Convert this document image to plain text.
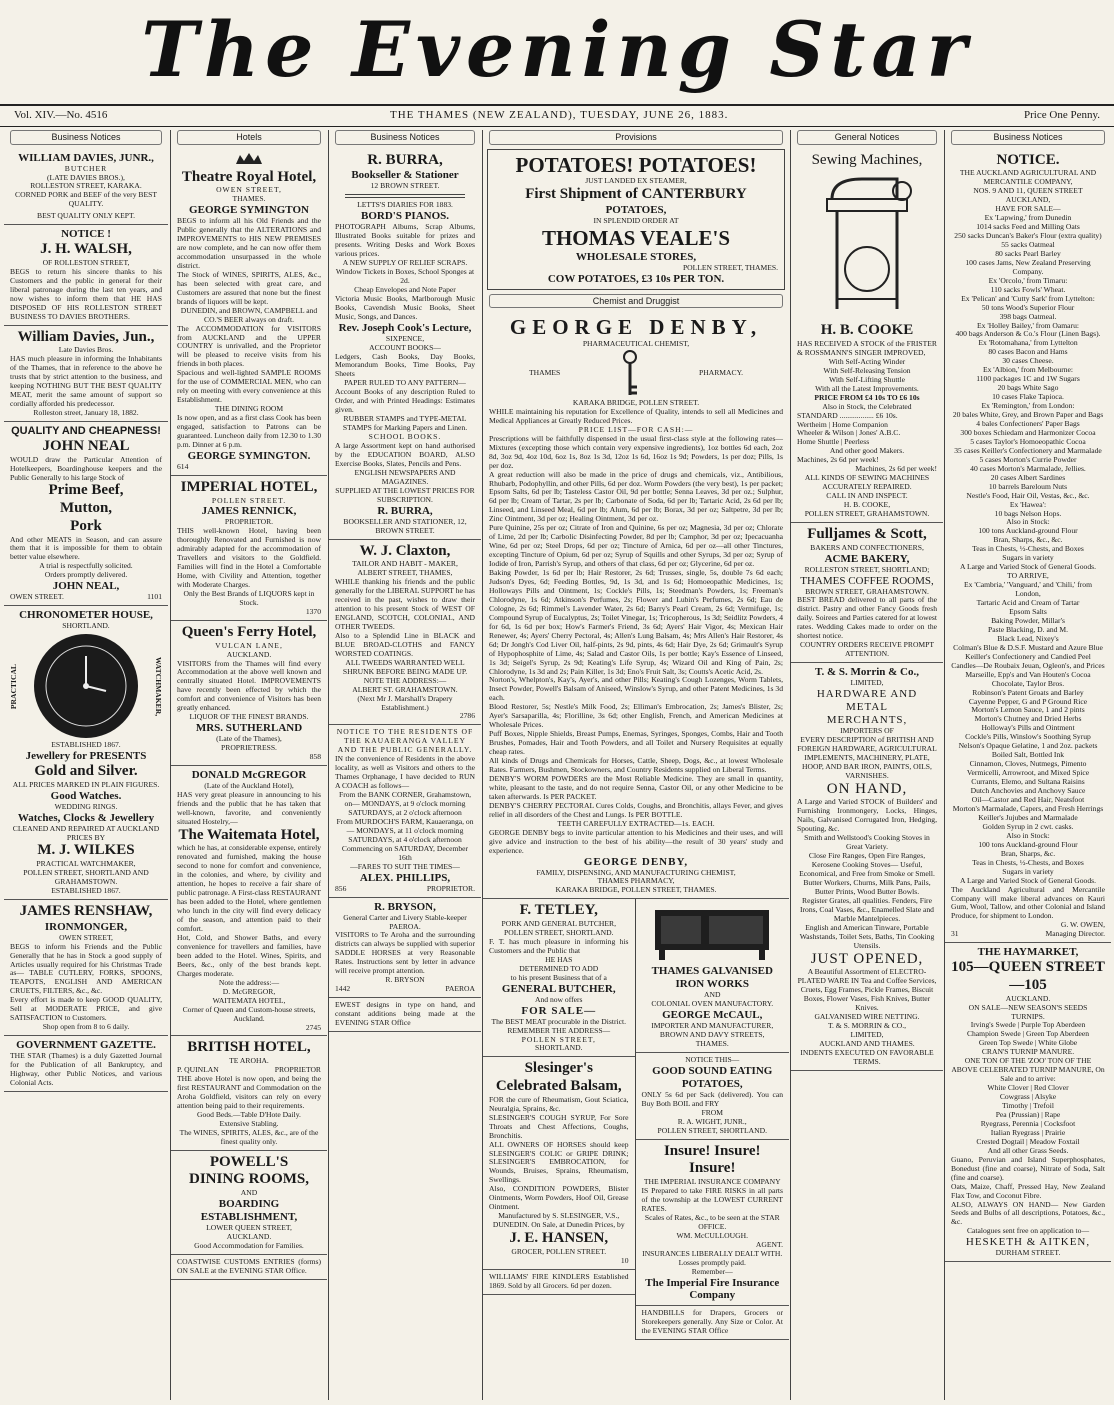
The Evening Star
Vol. XIV.—No. 4516	THE THAMES (NEW ZEALAND), TUESDAY, JUNE 26, 1883.	Price One Penny.
Business Notices
WILLIAM DAVIES, JUNR.,
BUTCHER
(LATE DAVIES BROS.),
ROLLESTON STREET, KARAKA.
CORNED PORK and BEEF of the very BEST QUALITY.
BEST QUALITY ONLY KEPT.
NOTICE !
J. H. WALSH,
OF ROLLESTON STREET,
BEGS to return his sincere thanks to his Customers and the public in general for their liberal patronage during the last ten years, and now wishes to inform them that HE HAS DISPOSED OF HIS ROLLESTON STREET BUSINESS TO DAVIES BROTHERS.
William Davies, Jun.,
Late Davies Bros.
HAS much pleasure in informing the Inhabitants of the Thames, that in reference to the above he trusts that by strict attention to the business, and keeping NOTHING BUT THE BEST QUALITY MEAT, merit the same amount of support so cordially afforded his predecessor.
Rolleston street, January 18, 1882.
QUALITY AND CHEAPNESS!
JOHN NEAL
WOULD draw the Particular Attention of Hotelkeepers, Boardinghouse keepers and the Public Generally to his large Stock of
Prime Beef,
Mutton,
Pork
And other MEATS in Season, and can assure them that it is impossible for them to obtain better value elsewhere.
A trial is respectfully solicited.
Orders promptly delivered.
JOHN NEAL,
OWEN STREET.	1101
CHRONOMETER HOUSE,
SHORTLAND.
PRACTICAL	WATCHMAKER,
ESTABLISHED 1867.
Jewellery for PRESENTS
Gold and Silver.
ALL PRICES MARKED IN PLAIN FIGURES.
Good Watches.
WEDDING RINGS.
Watches, Clocks & Jewellery
CLEANED AND REPAIRED AT AUCKLAND PRICES BY
M. J. WILKES
PRACTICAL WATCHMAKER,
POLLEN STREET, SHORTLAND AND GRAHAMSTOWN.
ESTABLISHED 1867.
JAMES RENSHAW,
IRONMONGER,
OWEN STREET,
BEGS to inform his Friends and the Public Generally that he has in Stock a good supply of Articles usually required for his Christmas Trade as— TABLE CUTLERY, FORKS, SPOONS, TEAPOTS, ENGLISH AND AMERICAN CRUETS, FILTERS, &c., &c.
Every effort is made to keep GOOD QUALITY, Sell at MODERATE PRICE, and give SATISFACTION to Customers.
Shop open from 8 to 6 daily.
GOVERNMENT GAZETTE.
THE STAR (Thames) is a duly Gazetted Journal for the Publication of all Bankruptcy, and Highway, other Public Notices, and various Colonial Acts.
Hotels
Theatre Royal Hotel,
OWEN STREET,
THAMES.
GEORGE SYMINGTON
BEGS to inform all his Old Friends and the Public generally that the ALTERATIONS and IMPROVEMENTS to HIS NEW PREMISES are now complete, and he can now offer them accommodation unsurpassed in the whole district.
The Stock of WINES, SPIRITS, ALES, &c., has been selected with great care, and Customers are assured that none but the finest brands of liquors will be kept.
DUNEDIN, and BROWN, CAMPBELL and CO.'S BEER always on draft.
The ACCOMMODATION for VISITORS from AUCKLAND and the UPPER COUNTRY is unrivalled, and the Proprietor will be pleased to receive visits from his friends in both places.
Spacious and well-lighted SAMPLE ROOMS for the use of COMMERCIAL MEN, who can rely on meeting with every convenience at this Establishment.
THE DINING ROOM
Is now open, and as a first class Cook has been engaged, satisfaction to Patrons can be guaranteed. Luncheon daily from 12.30 to 1.30 p.m. Dinner at 6 p.m.
GEORGE SYMINGTON.
614
IMPERIAL HOTEL,
POLLEN STREET.
JAMES RENNICK,
PROPRIETOR.
THIS well-known Hotel, having been thoroughly Renovated and Furnished is now admirably adapted for the accommodation of Travellers and visitors to the Goldfield. Families will find in the Hotel a Comfortable Home, with Civility and Attention, together with Moderate Charges.
Only the Best Brands of LIQUORS kept in Stock.
1370
Queen's Ferry Hotel,
VULCAN LANE,
AUCKLAND.
VISITORS from the Thames will find every Accommodation at the above well known and centrally situated Hotel. IMPROVEMENTS have recently been effected by which the comfort and convenience of Visitors has been greatly enhanced.
LIQUOR OF THE FINEST BRANDS.
MRS. SUTHERLAND
(Late of the Thames),
PROPRIETRESS.
858
DONALD McGREGOR
(Late of the Auckland Hotel),
HAS very great pleasure in announcing to his friends and the public that he has taken that well-known, favorite, and conveniently situated Hostelry,—
The Waitemata Hotel,
which he has, at considerable expense, entirely renovated and furnished, making the house second to none for comfort and convenience, in the colonies, and where, by civility and attention, he hopes to receive a fair share of public patronage. A First-class RESTAURANT has been added to the Hotel, where gentlemen who lunch in the city will find every delicacy of the season, and attention paid to their comfort.
Hot, Cold, and Shower Baths, and every convenience for travellers and families, have been added to the Hotel. Wines, Spirits, and Beers, &c., only of the best brands kept. Charges moderate.
Note the address:—
D. McGREGOR,
WAITEMATA HOTEL,
Corner of Queen and Custom-house streets, Auckland.
2745
BRITISH HOTEL,
TE AROHA.
P. QUINLAN	PROPRIETOR
THE above Hotel is now open, and being the first RESTAURANT and Commodation on the Aroha Goldfield, visitors can rely on every attention being paid to their requirements.
Good Beds.—Table D'Hote Daily.
Extensive Stabling.
The WINES, SPIRITS, ALES, &c., are of the finest quality only.
POWELL'S
DINING ROOMS,
AND
BOARDING ESTABLISHMENT,
LOWER QUEEN STREET,
AUCKLAND.
Good Accommodation for Families.
COASTWISE CUSTOMS ENTRIES (forms) ON SALE at the EVENING STAR Office.
Business Notices
R. BURRA,
Bookseller & Stationer
12 BROWN STREET.
LETTS'S DIARIES FOR 1883.
BORD'S PIANOS.
PHOTOGRAPH Albums, Scrap Albums, Illustrated Books suitable for prizes and presents. Writing Desks and Work Boxes various prices.
A NEW SUPPLY OF RELIEF SCRAPS.
Window Tickets in Boxes, School Sponges at 2d.
Cheap Envelopes and Note Paper
Victoria Music Books, Marlborough Music Books, Cavendish Music Books, Sheet Music, Songs, and Dances.
Rev. Joseph Cook's Lecture,
SIXPENCE,
ACCOUNT BOOKS—
Ledgers, Cash Books, Day Books, Memorandum Books, Time Books, Pay Sheets
PAPER RULED TO ANY PATTERN—
Account Books of any description Ruled to Order, and with Printed Headings: Estimates given.
RUBBER STAMPS and TYPE-METAL STAMPS for Marking Papers and Linen.
SCHOOL BOOKS.
A large Assortment kept on hand authorised by the EDUCATION BOARD, ALSO Exercise Books, Slates, Pencils and Pens.
ENGLISH NEWSPAPERS AND MAGAZINES.
SUPPLIED AT THE LOWEST PRICES FOR SUBSCRIPTION.
R. BURRA,
BOOKSELLER AND STATIONER, 12, BROWN STREET.
W. J. Claxton,
TAILOR AND HABIT - MAKER,
ALBERT STREET, THAMES,
WHILE thanking his friends and the public generally for the LIBERAL SUPPORT he has received in the past, wishes to draw their attention to his present Stock of WEST OF ENGLAND, SCOTCH, COLONIAL, AND OTHER TWEEDS.
Also to a Splendid Line in BLACK and BLUE BROAD-CLOTHS and FANCY WORSTED COATINGS.
ALL TWEEDS WARRANTED WELL SHRUNK BEFORE BEING MADE UP.
NOTE THE ADDRESS:—
ALBERT ST. GRAHAMSTOWN.
(Next Mr J. Marshall's Drapery Establishment.)
2786
NOTICE TO THE RESIDENTS OF THE KAUAERANGA VALLEY AND THE PUBLIC GENERALLY.
IN the convenience of Residents in the above locality, as well as Visitors and others to the Thames Orphanage, I have decided to RUN A COACH as follows—
From the BANK CORNER, Grahamstown, on— MONDAYS, at 9 o'clock morning SATURDAYS, at 2 o'clock afternoon
From MURDOCH'S FARM, Kauaeranga, on— MONDAYS, at 11 o'clock morning SATURDAYS, at 4 o'clock afternoon Commencing on SATURDAY, December 16th
—FARES TO SUIT THE TIMES—
ALEX. PHILLIPS,
856	PROPRIETOR.
R. BRYSON,
General Carter and Livery Stable-keeper
PAEROA.
VISITORS to Te Aroha and the surrounding districts can always be supplied with superior SADDLE HORSES at very Reasonable Rates. Instructions sent by letter in advance will receive prompt attention.
R. BRYSON
1442	PAEROA
EWEST designs in type on hand, and constant additions being made at the EVENING STAR Office
Provisions
POTATOES! POTATOES!
JUST LANDED EX STEAMER,
First Shipment of CANTERBURY
POTATOES,
IN SPLENDID ORDER AT
THOMAS VEALE'S
WHOLESALE STORES,
POLLEN STREET, THAMES.
COW POTATOES, £3 10s PER TON.
Chemist and Druggist
GEORGE DENBY,
PHARMACEUTICAL CHEMIST,
THAMES	PHARMACY.
KARAKA BRIDGE, POLLEN STREET.
WHILE maintaining his reputation for Excellence of Quality, intends to sell all Medicines and Medical Appliances at Greatly Reduced Prices.
PRICE LIST—FOR CASH:—
Prescriptions will be faithfully dispensed in the usual first-class style at the following rates—Mixtures (excepting those which contain very expensive ingredients), 1oz bottles 6d each, 2oz 8d, 3oz 9d, 4oz 10d, 6oz 1s, 8oz 1s 3d, 12oz 1s 6d, 16oz 1s 9d; Powders, 1s per doz; Pills, 1s per doz.
A great reduction will also be made in the price of drugs and chemicals, viz., Antibilious, Rhubarb, Podophyllin, and other Pills, 6d per doz. Worm Powders (the very best), 1s per packet; Epsom Salts, 6d per lb; Tasteless Castor Oil, 9d per bottle; Senna Leaves, 3d per oz.; Sulphur, 6d per lb; Cream of Tartar, 2s per lb; Carbonate of Soda, 6d per lb; Tartaric Acid, 2s 6d per lb; Linseed, and Linseed Meal, 6d per lb; Alum, 6d per lb; Borax, 3d per oz; Saltpetre, 3d per lb; Zinc Ointment, 3d per oz; Healing Ointment, 3d per oz.
Pure Quinine, 25s per oz; Citrate of Iron and Quinine, 6s per oz; Magnesia, 3d per oz; Chlorate of Lime, 2d per lb; Carbolic Disinfecting Powder, 8d per lb; Camphor, 3d per oz; Ipecacuanha Wine, 6d per oz; Steel Drops, 6d per oz; Tincture of Arnica, 6d per oz—all other Tinctures, excepting Tincture of Opium, 6d per oz; Syrup of Squills and other Syrups, 3d per oz; Syrup of Iodide of Iron, Parrish's Syrup, and others of that class, 6d per oz; Glycerine, 6d per oz.
Baking Powder, 1s 6d per lb; Hair Restorer, 2s 6d; Trusses, single, 5s, double 7s 6d each; Judson's Dyes, 6d; Feeding Bottles, 9d, 1s 3d, and 1s 6d; Homoeopathic Medicines, 1s; Holloways Pills and Ointment, 1s; Cockle's Pills, 1s; Steedman's Powders, 1s; Freeman's Chlorodyne, 1s 6d; Atkinson's Perfumes, 2s; Flower and Lubin's Perfumes, 2s 6d; Eau de Cologne, 2s 6d; Rimmel's Lavender Water, 2s 6d; Barry's Pearl Cream, 2s 6d; Vermifuge, 1s; Compound Syrup of Eucalyptus, 2s; Toilet Vinegar, 1s; Tricopherous, 1s 3d; Seidlitz Powders, 4 for 6d, 1s 6d per box; How's Farmer's Friend, 3s 6d; Ayers' Hair Vigor, 4s; Mexican Hair Renewer, 4s; Ayers' Cherry Pectoral, 4s; Allen's Lung Balsam, 4s; Mrs Allen's Hair Restorer, 4s 6d; Dr Jongh's Cod Liver Oil, half-pints, 2s 9d, pints, 4s 6d; Hair Dye, 2s 6d; Grimault's Syrup of Hypophosphite of Lime, 4s; Salad and Castor Oils, 1s per bottle; Kay's Essence of Linseed, 1s 3d; Seigel's Syrup, 2s 9d; Keating's Life Syrup, 4s; Wizard Oil and King of Pain, 2s; Chlorodyne, 1s 3d and 2s; Pain Killer, 1s 3d; Eno's Fruit Salt, 3s; Coutts's Acetic Acid, 2s.
Norton's, Whelpton's, Kay's, Ayer's, and other Pills; Keating's Cough Lozenges, Worm Tablets, Insect Powder, Powell's Balsam of Aniseed, Winslow's Syrup, and other Patent Medicines, 1s 3d each.
Blood Restorer, 5s; Nestle's Milk Food, 2s; Elliman's Embrocation, 2s; James's Blister, 2s; Ayer's Sarsaparilla, 4s; Florilline, 3s 6d; other English, French, and American Medicines at Wholesale Prices.
Puff Boxes, Nipple Shields, Breast Pumps, Enemas, Syringes, Sponges, Combs, Hair and Tooth Brushes, Pomades, Hair and Tooth Powders, and all Toilet and Nursery Requisites at equally cheap rates.
All kinds of Drugs and Chemicals for Horses, Cattle, Sheep, Dogs, &c., at lowest Wholesale Rates. Farmers, Bushmen, Stockowners, and Country Residents supplied on Liberal Terms.
DENBY'S WORM POWDERS are the Most Reliable Medicine. They are small in quantity, white, pleasant to the taste, and do not require Senna, Castor Oil, or any other Medicine to be taken afterwards. Is PER PACKET.
DENBY'S CHERRY PECTORAL Cures Colds, Coughs, and Bronchitis, allays Fever, and gives relief in all disorders of the Chest and Lungs. Is PER BOTTLE.
TEETH CAREFULLY EXTRACTED—1s. EACH.
GEORGE DENBY begs to invite particular attention to his Medicines and their uses, and will give advice and instruction to the best of his ability—the result of 30 years' study and experience.
GEORGE DENBY,
FAMILY, DISPENSING, AND MANUFACTURING CHEMIST,
THAMES PHARMACY,
KARAKA BRIDGE, POLLEN STREET, THAMES.
F. TETLEY,
PORK AND GENERAL BUTCHER,
POLLEN STREET, SHORTLAND.
F. T. has much pleasure in informing his Customers and the Public that
HE HAS
DETERMINED TO ADD
to his present Business that of a
GENERAL BUTCHER,
And now offers
FOR SALE—
The BEST MEAT procurable in the District.
REMEMBER THE ADDRESS—
POLLEN STREET,
SHORTLAND.
Slesinger's Celebrated Balsam,
FOR the cure of Rheumatism, Gout Sciatica, Neuralgia, Sprains, &c.
SLESINGER'S COUGH SYRUP, For Sore Throats and Chest Affections, Coughs, Bronchitis.
ALL OWNERS OF HORSES should keep SLESINGER'S COLIC or GRIPE DRINK; SLESINGER'S EMBROCATION, for Wounds, Bruises, Sprains, Rheumatism, Swellings.
Also, CONDITION POWDERS, Blister Ointments, Worm Powders, Hoof Oil, Grease Ointment.
Manufactured by S. SLESINGER, V.S., DUNEDIN. On Sale, at Dunedin Prices, by
J. E. HANSEN,
GROCER, POLLEN STREET.
10
WILLIAMS' FIRE KINDLERS Established 1869. Sold by all Grocers. 6d per dozen.
THAMES GALVANISED IRON WORKS
AND
COLONIAL OVEN MANUFACTORY.
GEORGE McCAUL,
IMPORTER AND MANUFACTURER,
BROWN AND DAVY STREETS,
THAMES.
NOTICE THIS—
GOOD SOUND EATING POTATOES,
ONLY 5s 6d per Sack (delivered). You can Buy Both BOIL and FRY
FROM
R. A. WIGHT, JUNR.,
POLLEN STREET, SHORTLAND.
Insure! Insure! Insure!
THE IMPERIAL INSURANCE COMPANY
IS Prepared to take FIRE RISKS in all parts of the township at the LOWEST CURRENT RATES.
Scales of Rates, &c., to be seen at the STAR OFFICE.
WM. McCULLOUGH.
AGENT.
INSURANCES LIBERALLY DEALT WITH. Losses promptly paid.
Remember—
The Imperial Fire Insurance Company
HANDBILLS for Drapers, Grocers or Storekeepers generally. Any Size or Color. At the EVENING STAR Office
General Notices
Sewing Machines,
H. B. COOKE
HAS RECEIVED A STOCK of the FRISTER & ROSSMANN'S SINGER IMPROVED,
With Self-Acting Winder
With Self-Releasing Tension
With Self-Lifting Shuttle
With all the Latest Improvements.
PRICE FROM £4 10s TO £6 10s
Also in Stock, the Celebrated
STANDARD .................. £6 10s.
Wertheim | Home Companion
Wheeler & Wilson | Jones' A.B.C.
Home Shuttle | Peerless
And other good Makers.
Machines, 2s 6d per week!
Machines, 2s 6d per week!
ALL KINDS OF SEWING MACHINES ACCURATELY REPAIRED.
CALL IN AND INSPECT.
H. B. COOKE,
POLLEN STREET, GRAHAMSTOWN.
Fulljames & Scott,
BAKERS AND CONFECTIONERS,
ACME BAKERY,
ROLLESTON STREET, SHORTLAND;
THAMES COFFEE ROOMS,
BROWN STREET, GRAHAMSTOWN.
BEST BREAD delivered to all parts of the district. Pastry and other Fancy Goods fresh daily. Soirees and Parties catered for at lowest rates. Wedding Cakes made to order on the shortest notice.
COUNTRY ORDERS RECEIVE PROMPT ATTENTION.
T. & S. Morrin & Co.,
LIMITED,
HARDWARE AND METAL
MERCHANTS,
IMPORTERS OF
EVERY DESCRIPTION of BRITISH AND FOREIGN HARDWARE, AGRICULTURAL IMPLEMENTS, MACHINERY, PLATE, HOOP, AND BAR IRON, PAINTS, OILS, VARNISHES.
ON HAND,
A Large and Varied STOCK of Builders' and Furnishing Ironmongery, Locks, Hinges, Nails, Galvanised Corrugated Iron, Hedging, Spouting, &c.
Smith and Wellstood's Cooking Stoves in Great Variety.
Close Fire Ranges, Open Fire Ranges, Kerosene Cooking Stoves— Useful, Economical, and Free from Smoke or Smell.
Butter Workers, Churns, Milk Pans, Pails, Butter Prints, Wood Butter Bowls.
Register Grates, all qualities. Fenders, Fire Irons, Coal Vases, &c., Enamelled Slate and Marble Mantelpieces.
English and American Tinware, Portable Washstands, Toilet Sets, Baths, Tin Cooking Utensils.
JUST OPENED,
A Beautiful Assortment of ELECTRO-PLATED WARE IN Tea and Coffee Services, Cruets, Egg Frames, Pickle Frames, Biscuit Boxes, Flower Vases, Fish Knives, Butter Knives.
GALVANISED WIRE NETTING.
T. & S. MORRIN & CO.,
LIMITED,
AUCKLAND AND THAMES.
INDENTS EXECUTED ON FAVORABLE TERMS.
Business Notices
NOTICE.
THE AUCKLAND AGRICULTURAL AND MERCANTILE COMPANY,
NOS. 9 AND 11, QUEEN STREET AUCKLAND,
HAVE FOR SALE—
Ex 'Lapwing,' from Dunedin
1014 sacks Feed and Milling Oats
250 sacks Duncan's Baker's Flour (extra quality)
55 sacks Oatmeal
80 sacks Pearl Barley
100 cases Jams, New Zealand Preserving Company.
Ex 'Orcolo,' from Timaru:
110 sacks Fowls' Wheat.
Ex 'Pelican' and 'Cutty Sark' from Lyttelton:
50 tons Wood's Superior Flour
398 bags Oatmeal.
Ex 'Holley Bailey,' from Oamaru:
400 bags Anderson & Co.'s Flour (Linen Bags).
Ex 'Rotomahana,' from Lyttelton
80 cases Bacon and Hams
30 cases Cheese.
Ex 'Albion,' from Melbourne:
1100 packages 1C and 1W Sugars
20 bags White Sago
10 cases Flake Tapioca.
Ex 'Remington,' from London:
20 bales White, Grey, and Brown Paper and Bags
4 bales Confectioners' Paper Bags
300 boxes Schiedam and Harmonizer Cocoa
5 cases Taylor's Homoeopathic Cocoa
35 cases Keiller's Confectionery and Marmalade
5 cases Morton's Currie Powder
40 cases Morton's Marmalade, Jellies.
20 cases Albert Sardines
10 barrels Bareloum Nuts
Nestle's Food, Hair Oil, Vestas, &c., &c.
Ex 'Hawea':
10 bags Nelson Hops.
Also in Stock:
100 tons Auckland-ground Flour
Bran, Sharps, &c., &c.
Teas in Chests, ½-Chests, and Boxes
Sugars in variety
A Large and Varied Stock of General Goods.
TO ARRIVE,
Ex 'Cambria,' 'Vanguard,' and 'Chili,' from London,
Tartaric Acid and Cream of Tartar
Epsom Salts
Baking Powder, Millar's
Paste Blacking, D. and M.
Black Lead, Nixey's
Colman's Blue & D.S.F. Mustard and Azure Blue
Keiller's Confectionery and Candied Peel
Candles—De Roubaix Jeuan, Ogleon's, and Prices
Marseille, Epp's and Van Houten's Cocoa
Chocolate, Taylor Bros.
Robinson's Patent Groats and Barley
Cayenne Pepper, G and P Ground Rice
Morton's Lemon Sauce, 1 and 2 pints
Morton's Chutney and Dried Herbs
Holloway's Pills and Ointment
Cockle's Pills, Winslow's Soothing Syrup
Nelson's Opaque Gelatine, 1 and 2oz. packets
Boiled Salt, Bottled Ink
Cinnamon, Cloves, Nutmegs, Pimento
Vermicelli, Arrowroot, and Mixed Spice
Currants, Elemo, and Sultana Raisins
Dutch Anchovies and Anchovy Sauce
Oil—Castor and Red Hair, Neatsfoot
Morton's Marmalade, Capers, and Fresh Herrings
Keiller's Jujubes and Marmalade
Golden Syrup in 2 cwt. casks.
Also in Stock:
100 tons Auckland-ground Flour
Bran, Sharps, &c.
Teas in Chests, ½-Chests, and Boxes
Sugars in variety
A Large and Varied Stock of General Goods.
The Auckland Agricultural and Mercantile Company will make liberal advances on Kauri Gum, Wool, Tallow, and other Colonial and Island Produce, for shipment to London.
G. W. OWEN,
31	Managing Director.
THE HAYMARKET,
105—QUEEN STREET—105
AUCKLAND.
ON SALE—NEW SEASON'S SEEDS
TURNIPS.
Irving's Swede | Purple Top Aberdeen
Champion Swede | Green Top Aberdeen
Green Top Swede | White Globe
CRAN'S TURNIP MANURE.
ONE TON OF THE 'ZOO' TON OF THE ABOVE CELEBRATED TURNIP MANURE, On Sale and to arrive:
White Clover | Red Clover
Cowgrass | Alsyke
Timothy | Trefoil
Pea (Prussian) | Rape
Ryegrass, Perennia | Cocksfoot
Italian Ryegrass | Prairie
Crested Dogtail | Meadow Foxtail
And all other Grass Seeds.
Guano, Peruvian and Island Superphosphates, Bonedust (fine and coarse), Nitrate of Soda, Salt (fine and coarse).
Oats, Maize, Chaff, Pressed Hay, New Zealand Flax Tow, and Coconut Fibre.
ALSO, ALWAYS ON HAND— New Garden Seeds and Bulbs of all descriptions, Potatoes, &c., &c.
Catalogues sent free on application to—
HESKETH & AITKEN,
DURHAM STREET.
